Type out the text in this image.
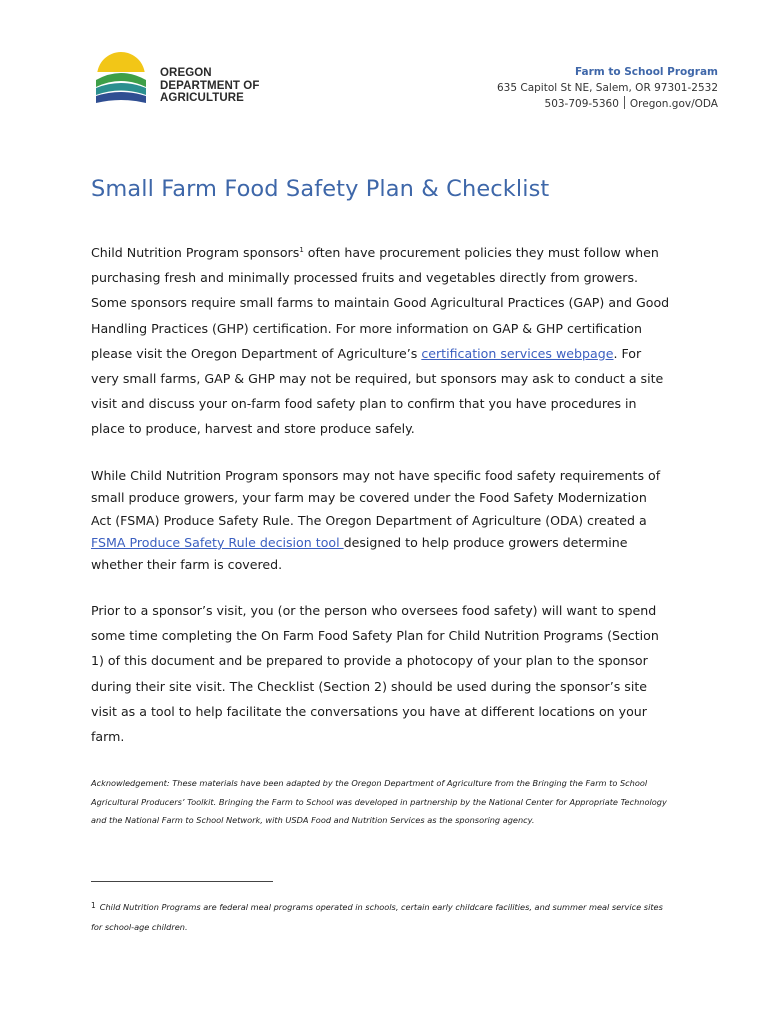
OREGON
DEPARTMENT OF
AGRICULTURE
Farm to School Program
635 Capitol St NE, Salem, OR 97301-2532
503-709-5360 Oregon.gov/ODA
Small Farm Food Safety Plan & Checklist

Child Nutrition Program sponsors$^1$ often have procurement policies they must follow when purchasing fresh and minimally processed fruits and vegetables directly from growers. Some sponsors require small farms to maintain Good Agricultural Practices (GAP) and Good Handling Practices (GHP) certification. For more information on GAP & GHP certification please visit the Oregon Department of Agriculture’s certification services webpage. For very small farms, GAP & GHP may not be required, but sponsors may ask to conduct a site visit and discuss your on-farm food safety plan to confirm that you have procedures in place to produce, harvest and store produce safely.

While Child Nutrition Program sponsors may not have specific food safety requirements of small produce growers, your farm may be covered under the Food Safety Modernization Act (FSMA) Produce Safety Rule. The Oregon Department of Agriculture (ODA) created a FSMA Produce Safety Rule decision tool designed to help produce growers determine whether their farm is covered.

Prior to a sponsor’s visit, you (or the person who oversees food safety) will want to spend some time completing the On Farm Food Safety Plan for Child Nutrition Programs (Section 1) of this document and be prepared to provide a photocopy of your plan to the sponsor during their site visit. The Checklist (Section 2) should be used during the sponsor’s site visit as a tool to help facilitate the conversations you have at different locations on your farm.

Acknowledgement: These materials have been adapted by the Oregon Department of Agriculture from the Bringing the Farm to School Agricultural Producers’ Toolkit. Bringing the Farm to School was developed in partnership by the National Center for Appropriate Technology and the National Farm to School Network, with USDA Food and Nutrition Services as the sponsoring agency.

1 Child Nutrition Programs are federal meal programs operated in schools, certain early childcare facilities, and summer meal service sites for school-age children.
